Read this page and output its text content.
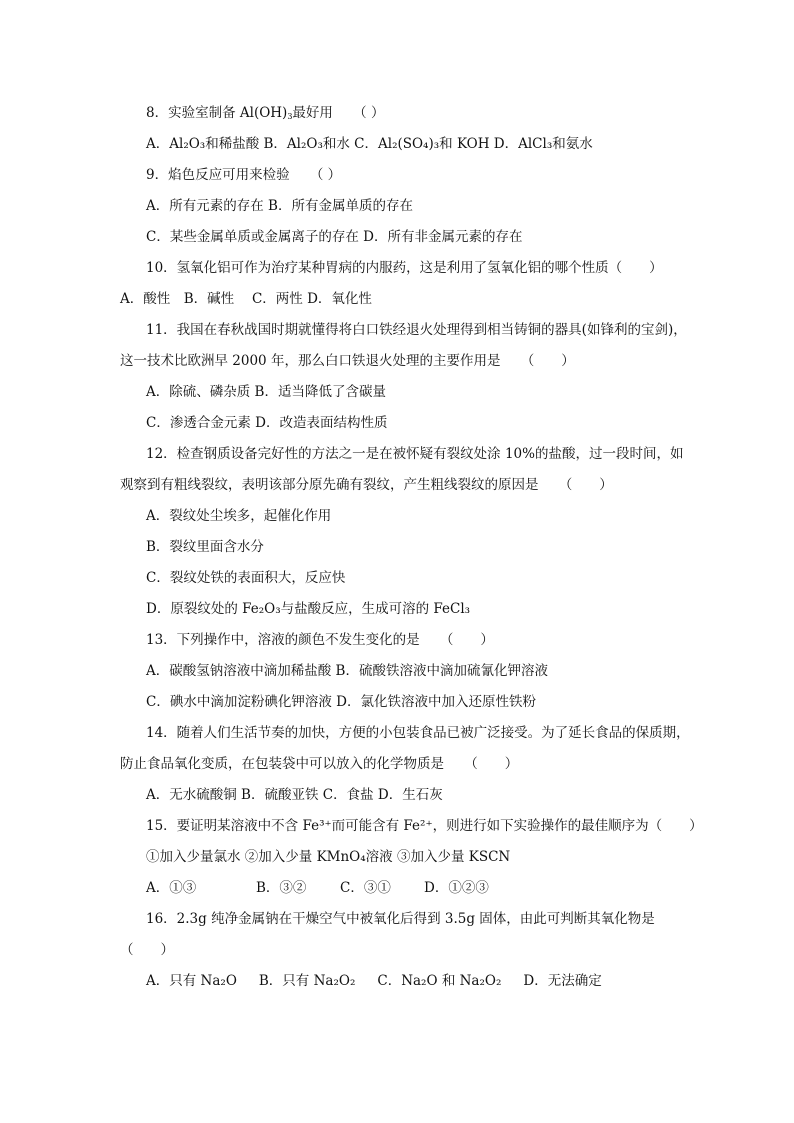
8．实验室制备 $Al(OH)_3$最好用　　（ ）
A．Al₂O₃和稀盐酸 B．Al₂O₃和水 C．Al₂(SO₄)₃和 KOH D．AlCl₃和氨水
9．焰色反应可用来检验　　（ ）
A．所有元素的存在 B．所有金属单质的存在
C．某些金属单质或金属离子的存在 D．所有非金属元素的存在
10．氢氧化铝可作为治疗某种胃病的内服药，这是利用了氢氧化铝的哪个性质（　　）
A．酸性　B．碱性　 C．两性 D．氧化性
11．我国在春秋战国时期就懂得将白口铁经退火处理得到相当铸铜的器具(如锋利的宝剑)，
这一技术比欧洲早 2000 年，那么白口铁退火处理的主要作用是　　（　　）
A．除硫、磷杂质 B．适当降低了含碳量
C．渗透合金元素 D．改造表面结构性质
12．检查钢质设备完好性的方法之一是在被怀疑有裂纹处涂 10%的盐酸，过一段时间，如
观察到有粗线裂纹，表明该部分原先确有裂纹，产生粗线裂纹的原因是　　（　　）
A．裂纹处尘埃多，起催化作用
B．裂纹里面含水分
C．裂纹处铁的表面积大，反应快
D．原裂纹处的 Fe₂O₃与盐酸反应，生成可溶的 FeCl₃
13．下列操作中，溶液的颜色不发生变化的是　　（　　）
A．碳酸氢钠溶液中滴加稀盐酸 B．硫酸铁溶液中滴加硫氰化钾溶液
C．碘水中滴加淀粉碘化钾溶液 D．氯化铁溶液中加入还原性铁粉
14．随着人们生活节奏的加快，方便的小包装食品已被广泛接受。为了延长食品的保质期，
防止食品氧化变质，在包装袋中可以放入的化学物质是　　（　　）
A．无水硫酸铜 B．硫酸亚铁 C．食盐 D．生石灰
15．要证明某溶液中不含 Fe³⁺而可能含有 Fe²⁺，则进行如下实验操作的最佳顺序为（　　）
①加入少量氯水 ②加入少量 KMnO₄溶液 ③加入少量 KSCN
A．①③	B．③② C．③① D．①②③
16．2.3g 纯净金属钠在干燥空气中被氧化后得到 3.5g 固体，由此可判断其氧化物是
（　　）
A．只有 Na₂O B．只有 Na₂O₂ C．Na₂O 和 Na₂O₂ D．无法确定
